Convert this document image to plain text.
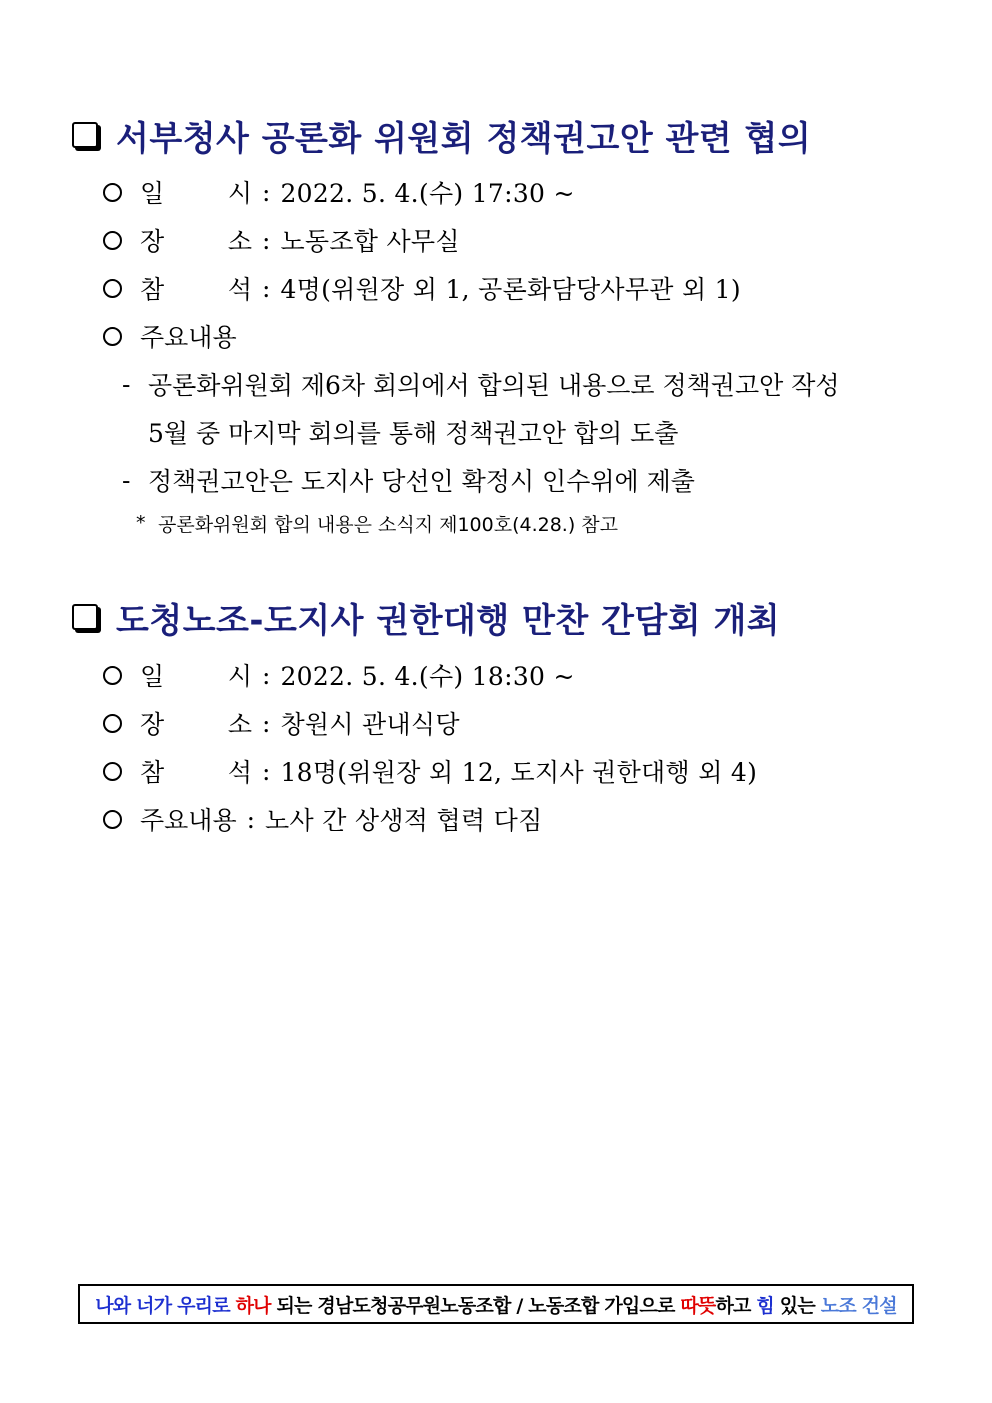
서부청사 공론화 위원회 정책권고안 관련 협의
일 시 : 2022. 5. 4.(수) 17:30 ~
장 소 : 노동조합 사무실
참 석 : 4명(위원장 외 1, 공론화담당사무관 외 1)
주요내용
- 공론화위원회 제6차 회의에서 합의된 내용으로 정책권고안 작성
5월 중 마지막 회의를 통해 정책권고안 합의 도출
- 정책권고안은 도지사 당선인 확정시 인수위에 제출
* 공론화위원회 합의 내용은 소식지 제100호(4.28.) 참고
도청노조-도지사 권한대행 만찬 간담회 개최
일 시 : 2022. 5. 4.(수) 18:30 ~
장 소 : 창원시 관내식당
참 석 : 18명(위원장 외 12, 도지사 권한대행 외 4)
주요내용 : 노사 간 상생적 협력 다짐
나와 너가 우리로 하나 되는 경남도청공무원노동조합 / 노동조합 가입으로 따뜻 하고 힘 있는 노조 건설
